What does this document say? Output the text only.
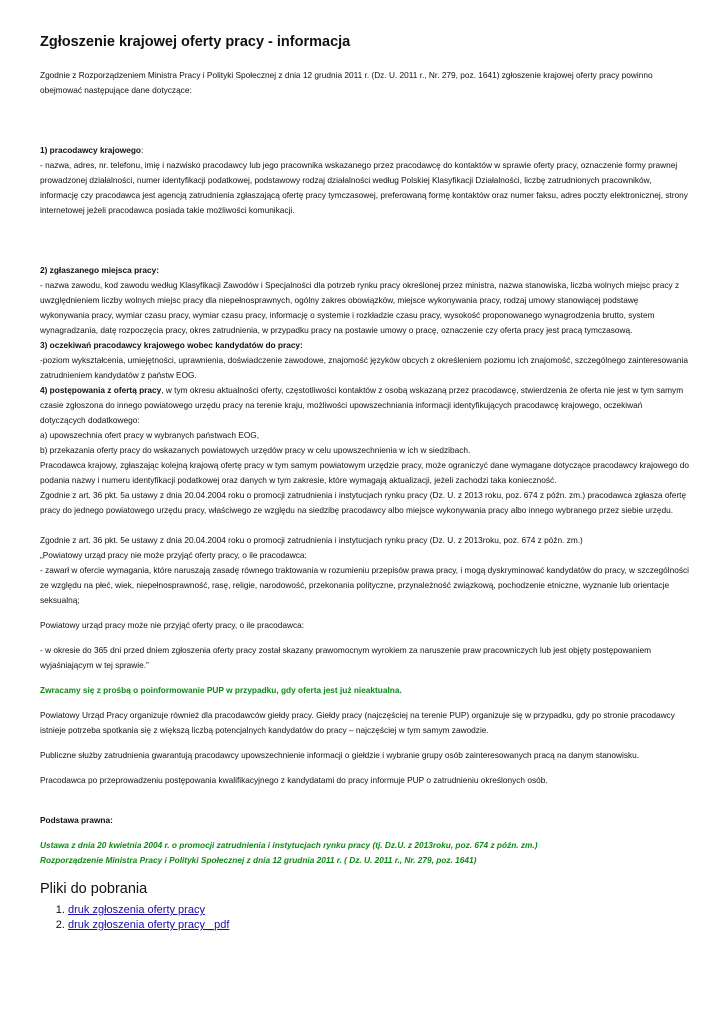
Zgłoszenie krajowej oferty pracy - informacja

Zgodnie z Rozporządzeniem Ministra Pracy i Polityki Społecznej z dnia 12 grudnia 2011 r. (Dz. U. 2011 r., Nr. 279, poz. 1641) zgłoszenie krajowej oferty pracy powinno obejmować następujące dane dotyczące:

1) pracodawcy krajowego:

- nazwa, adres, nr. telefonu, imię i nazwisko pracodawcy lub jego pracownika wskazanego przez pracodawcę do kontaktów w sprawie oferty pracy, oznaczenie formy prawnej prowadzonej działalności, numer identyfikacji podatkowej, podstawowy rodzaj działalności według Polskiej Klasyfikacji Działalności, liczbę zatrudnionych pracowników, informację czy pracodawca jest agencją zatrudnienia zgłaszającą ofertę pracy tymczasowej, preferowaną formę kontaktów oraz numer faksu, adres poczty elektronicznej, strony internetowej jeżeli pracodawca posiada takie możliwości komunikacji.

2) zgłaszanego miejsca pracy:

- nazwa zawodu, kod zawodu według Klasyfikacji Zawodów i Specjalności dla potrzeb rynku pracy określonej przez ministra, nazwa stanowiska, liczba wolnych miejsc pracy z uwzględnieniem liczby wolnych miejsc pracy dla niepełnosprawnych, ogólny zakres obowiązków, miejsce wykonywania pracy, rodzaj umowy stanowiącej podstawę wykonywania pracy, wymiar czasu pracy, wymiar czasu pracy, informację o systemie i rozkładzie czasu pracy, wysokość proponowanego wynagrodzenia brutto, system wynagradzania, datę rozpoczęcia pracy, okres zatrudnienia, w przypadku pracy na postawie umowy o pracę, oznaczenie czy oferta pracy jest pracą tymczasową.

3) oczekiwań pracodawcy krajowego wobec kandydatów do pracy:

-poziom wykształcenia, umiejętności, uprawnienia, doświadczenie zawodowe, znajomość języków obcych z określeniem poziomu ich znajomość, szczególnego zainteresowania zatrudnieniem kandydatów z państw EOG.

4) postępowania z ofertą pracy, w tym okresu aktualności oferty, częstotliwości kontaktów z osobą wskazaną przez pracodawcę, stwierdzenia że oferta nie jest w tym samym czasie zgłoszona do innego powiatowego urzędu pracy na terenie kraju, możliwości upowszechniania informacji identyfikujących pracodawcę krajowego, oczekiwań dotyczących dodatkowego:

a) upowszechnia ofert pracy w wybranych państwach EOG,

b) przekazania oferty pracy do wskazanych powiatowych urzędów pracy w celu upowszechnienia w ich w siedzibach.

Pracodawca krajowy, zgłaszając kolejną krajową ofertę pracy w tym samym powiatowym urzędzie pracy, może ograniczyć dane wymagane dotyczące pracodawcy krajowego do podania nazwy i numeru identyfikacji podatkowej oraz danych w tym zakresie, które wymagają aktualizacji, jeżeli zachodzi taka konieczność.

Zgodnie z art. 36 pkt. 5a ustawy z dnia 20.04.2004 roku o promocji zatrudnienia i instytucjach rynku pracy (Dz. U. z 2013 roku, poz. 674 z późn. zm.) pracodawca zgłasza ofertę pracy do jednego powiatowego urzędu pracy, właściwego ze względu na siedzibę pracodawcy albo miejsce wykonywania pracy albo innego wybranego przez siebie urzędu.

Zgodnie z art. 36 pkt. 5e ustawy z dnia 20.04.2004 roku o promocji zatrudnienia i instytucjach rynku pracy (Dz. U. z 2013roku, poz. 674 z późn. zm.)

„Powiatowy urząd pracy nie może przyjąć oferty pracy, o ile pracodawca:

- zawarł w ofercie wymagania, które naruszają zasadę równego traktowania w rozumieniu przepisów prawa pracy, i mogą dyskryminować kandydatów do pracy, w szczególności ze względu na płeć, wiek, niepełnosprawność, rasę, religie, narodowość, przekonania polityczne, przynależność związkową, pochodzenie etniczne, wyznanie lub orientacje seksualną;

Powiatowy urząd pracy może nie przyjąć oferty pracy, o ile pracodawca:

- w okresie do 365 dni przed dniem zgłoszenia oferty pracy został skazany prawomocnym wyrokiem za naruszenie praw pracowniczych lub jest objęty postępowaniem wyjaśniającym w tej sprawie.”

Zwracamy się z prośbą o poinformowanie PUP w przypadku, gdy oferta jest już nieaktualna.

Powiatowy Urząd Pracy organizuje również dla pracodawców giełdy pracy. Giełdy pracy (najczęściej na terenie PUP) organizuje się w przypadku, gdy po stronie pracodawcy istnieje potrzeba spotkania się z większą liczbą potencjalnych kandydatów do pracy – najczęściej w tym samym zawodzie.

Publiczne służby zatrudnienia gwarantują pracodawcy upowszechnienie informacji o giełdzie i wybranie grupy osób zainteresowanych pracą na danym stanowisku.

Pracodawca po przeprowadzeniu postępowania kwalifikacyjnego z kandydatami do pracy informuje PUP o zatrudnieniu określonych osób.

Podstawa prawna:

Ustawa z dnia 20 kwietnia 2004 r. o promocji zatrudnienia i instytucjach rynku pracy (tj. Dz.U. z 2013roku, poz. 674 z późn. zm.)

Rozporządzenie Ministra Pracy i Polityki Społecznej z dnia 12 grudnia 2011 r. ( Dz. U. 2011 r., Nr. 279, poz. 1641)

Pliki do pobrania
1. druk zgłoszenia oferty pracy
2. druk zgłoszenia oferty pracy _pdf
